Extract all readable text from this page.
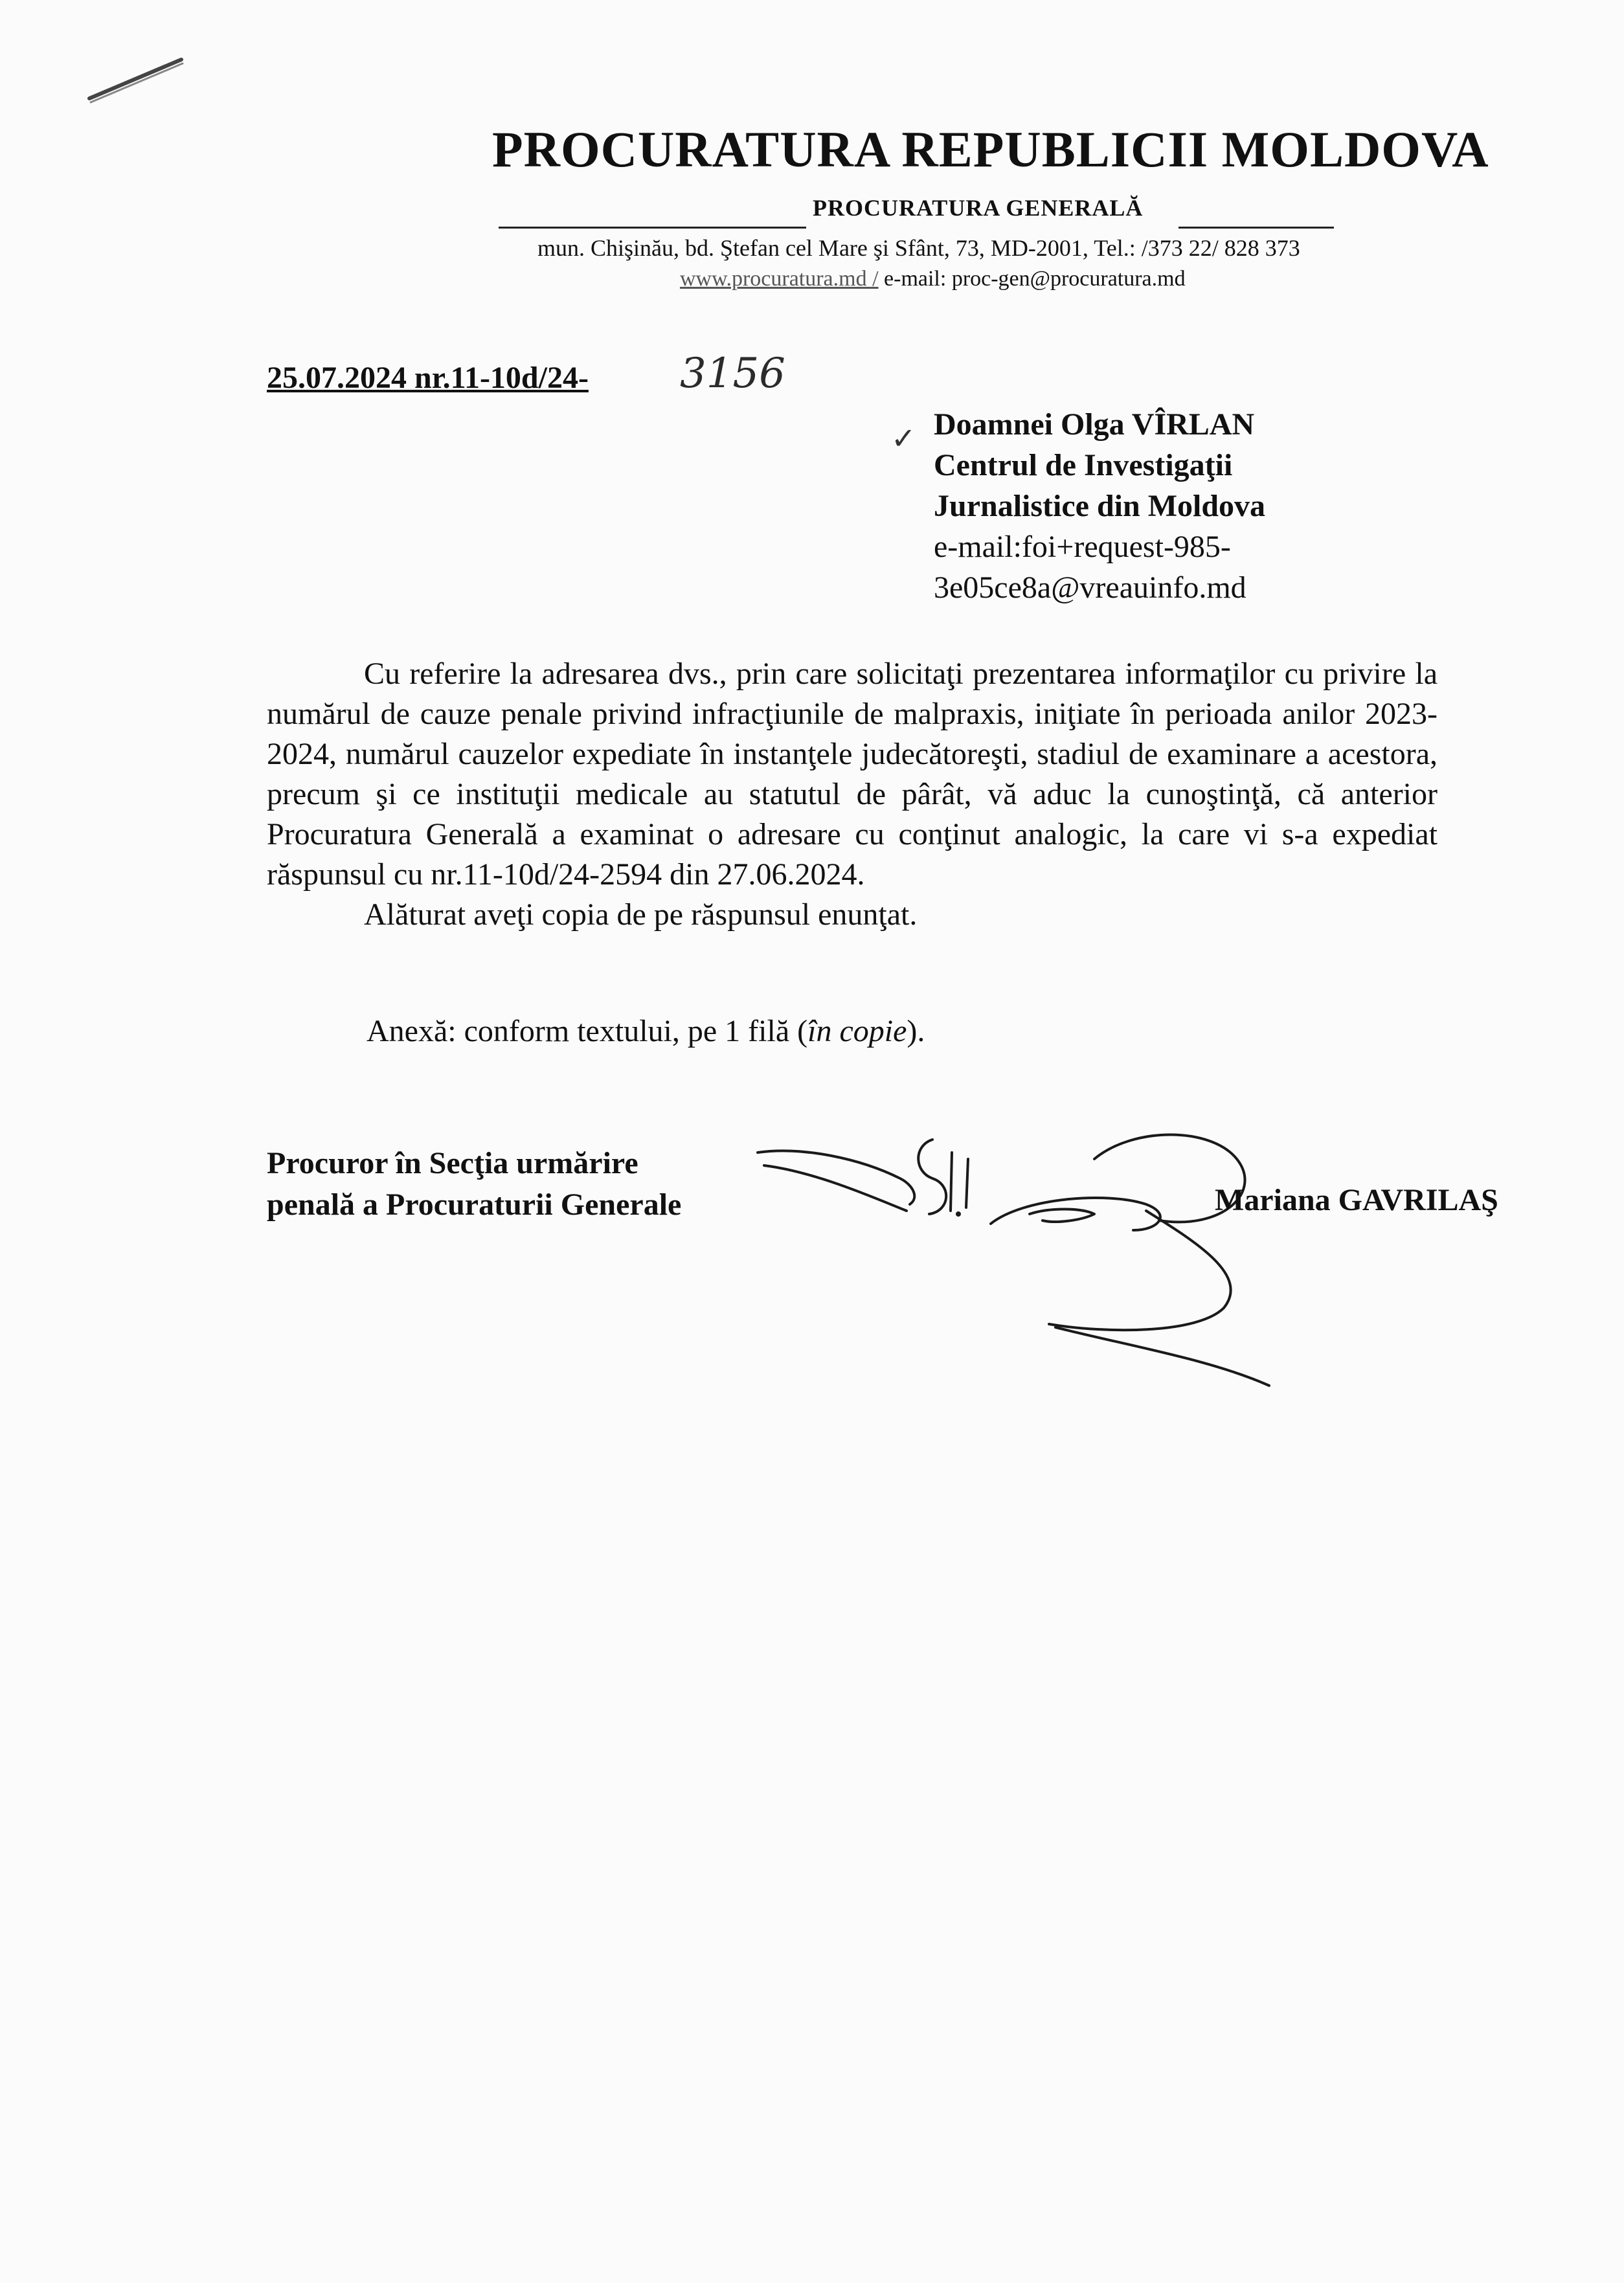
PROCURATURA REPUBLICII MOLDOVA
PROCURATURA GENERALĂ
mun. Chişinău, bd. Ştefan cel Mare şi Sfânt, 73, MD-2001, Tel.: /373 22/ 828 373
www.procuratura.md / e-mail: proc-gen@procuratura.md
25.07.2024 nr.11-10d/24- 3156
✓ Doamnei Olga VÎRLAN
Centrul de Investigaţii
Jurnalistice din Moldova
e-mail:foi+request-985-
3e05ce8a@vreauinfo.md

Cu referire la adresarea dvs., prin care solicitaţi prezentarea informaţilor cu privire la numărul de cauze penale privind infracţiunile de malpraxis, iniţiate în perioada anilor 2023-2024, numărul cauzelor expediate în instanţele judecătoreşti, stadiul de examinare a acestora, precum şi ce instituţii medicale au statutul de pârât, vă aduc la cunoştinţă, că anterior Procuratura Generală a examinat o adresare cu conţinut analogic, la care vi s-a expediat răspunsul cu nr.11-10d/24-2594 din 27.06.2024.

Alăturat aveţi copia de pe răspunsul enunţat.

Anexă: conform textului, pe 1 filă (în copie).
Procuror în Secţia urmărire
penală a Procuraturii Generale	Mariana GAVRILAŞ
